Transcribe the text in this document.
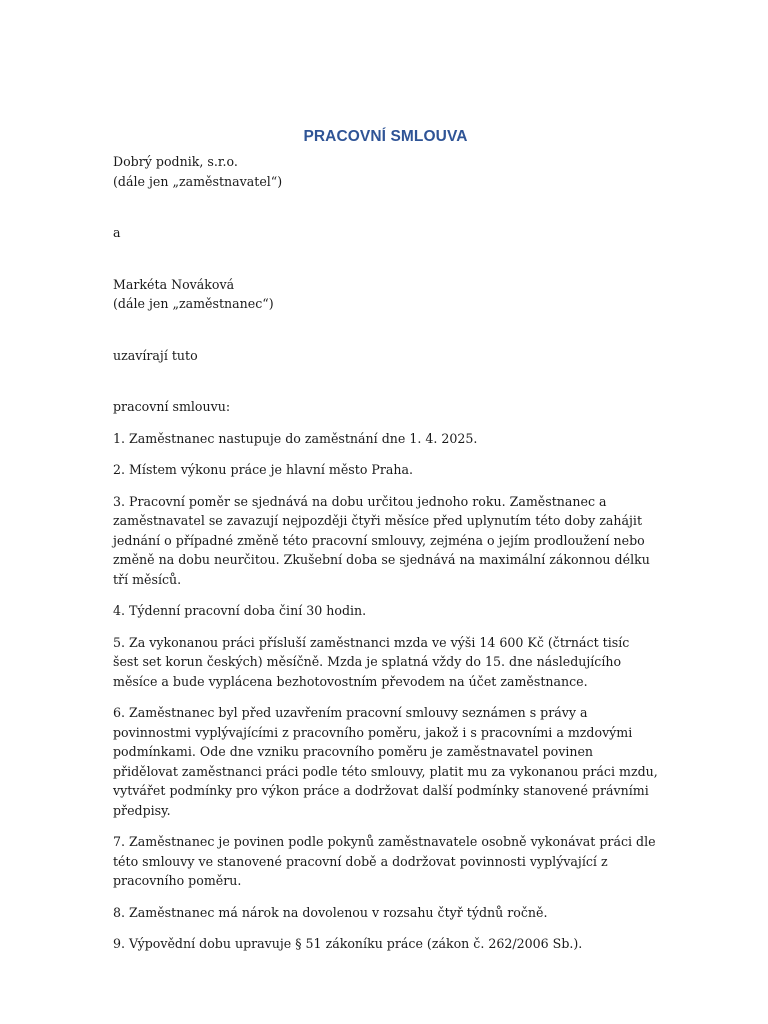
PRACOVNÍ SMLOUVA

Dobrý podnik, s.r.o.

(dále jen „zaměstnavatel“)

a

Markéta Nováková

(dále jen „zaměstnanec“)

uzavírají tuto

pracovní smlouvu:

1. Zaměstnanec nastupuje do zaměstnání dne 1. 4. 2025.

2. Místem výkonu práce je hlavní město Praha.

3. Pracovní poměr se sjednává na dobu určitou jednoho roku. Zaměstnanec a zaměstnavatel se zavazují nejpozději čtyři měsíce před uplynutím této doby zahájit jednání o případné změně této pracovní smlouvy, zejména o jejím prodloužení nebo změně na dobu neurčitou. Zkušební doba se sjednává na maximální zákonnou délku tří měsíců.

4. Týdenní pracovní doba činí 30 hodin.

5. Za vykonanou práci přísluší zaměstnanci mzda ve výši 14 600 Kč (čtrnáct tisíc šest set korun českých) měsíčně. Mzda je splatná vždy do 15. dne následujícího měsíce a bude vyplácena bezhotovostním převodem na účet zaměstnance.

6. Zaměstnanec byl před uzavřením pracovní smlouvy seznámen s právy a povinnostmi vyplývajícími z pracovního poměru, jakož i s pracovními a mzdovými podmínkami. Ode dne vzniku pracovního poměru je zaměstnavatel povinen přidělovat zaměstnanci práci podle této smlouvy, platit mu za vykonanou práci mzdu, vytvářet podmínky pro výkon práce a dodržovat další podmínky stanovené právními předpisy.

7. Zaměstnanec je povinen podle pokynů zaměstnavatele osobně vykonávat práci dle této smlouvy ve stanovené pracovní době a dodržovat povinnosti vyplývající z pracovního poměru.

8. Zaměstnanec má nárok na dovolenou v rozsahu čtyř týdnů ročně.

9. Výpovědní dobu upravuje § 51 zákoníku práce (zákon č. 262/2006 Sb.).
